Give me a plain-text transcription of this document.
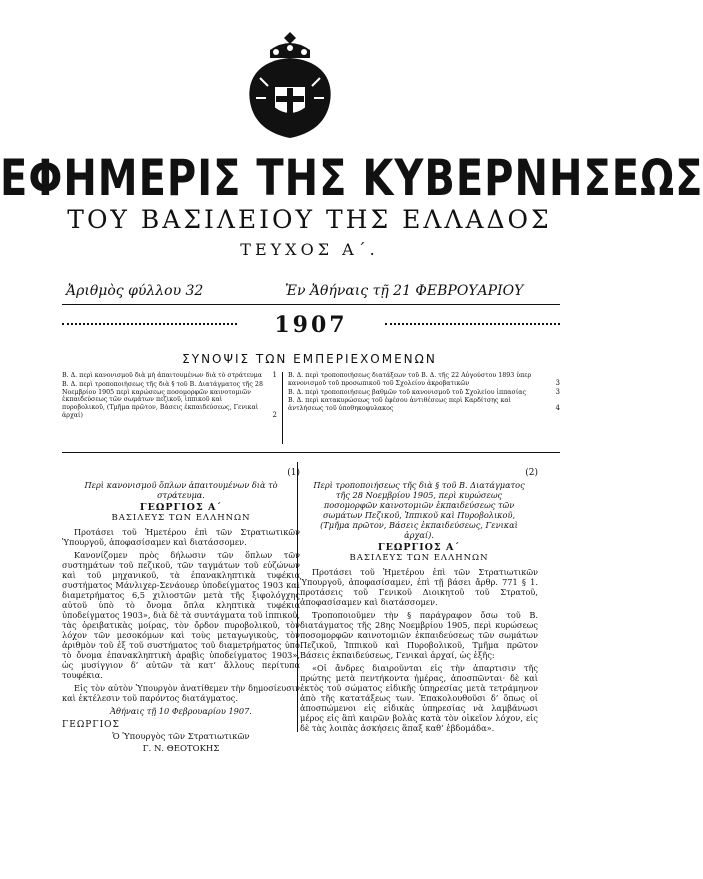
ΕΦΗΜΕΡΙΣ ΤΗΣ ΚΥΒΕΡΝΗΣΕΩΣ
ΤΟΥ ΒΑΣΙΛΕΙΟΥ ΤΗΣ ΕΛΛΑΔΟΣ
ΤΕΥΧΟΣ Α΄.
Ἀριθμὸς φύλλου 32	Ἐν Ἀθήναις τῇ 21 ΦΕΒΡΟΥΑΡΙΟΥ
1907
ΣΥΝΟΨΙΣ ΤΩΝ ΕΜΠΕΡΙΕΧΟΜΕΝΩΝ
Β. Δ. περὶ κανονισμοῦ διὰ μὴ ἀπαιτουμένων διὰ τὸ στράτευμα 1
Β. Δ. περὶ τροποποιήσεως τῆς διὰ § τοῦ Β. Διατάγματος τῆς 28 Νοεμβρίου 1905 περὶ καρώσεως ποσομορφῶν καινοτομιῶν ἐκπαιδεύσεως τῶν σωμάτων πεζικοῦ, ἱππικοῦ καὶ πυροβολικοῦ, (Τμῆμα πρῶτον, Βάσεις ἐκπαιδεύσεως, Γενικαὶ ἀρχαί)	2
Β. Δ. περὶ τροποποιήσεως διατάξεων τοῦ Β. Δ. τῆς 22 Αὐγούστου 1893 ὑπερ κανονισμοῦ τοῦ προσωπικοῦ τοῦ Σχολείου ἀκροβατικῶν	3
Β. Δ. περὶ τροποποιήσεως βαθμῶν τοῦ κανονισμοῦ τοῦ Σχολείου ἱππασίας	3
Β. Δ. περὶ κατακυρώσεως τοῦ ἐφέσου ἀντιθέσεως περὶ Καρδίτσης καὶ ἀντλήσεως τοῦ ὑποθηκοφυλακος	4
(1)
Περὶ κανονισμοῦ ὅπλων ἀπαιτουμένων διὰ τὸ στράτευμα.
ΓΕΩΡΓΙΟΣ Α΄
ΒΑΣΙΛΕΥΣ ΤΩΝ ΕΛΛΗΝΩΝ

Προτάσει τοῦ Ἡμετέρου ἐπὶ τῶν Στρατιωτικῶν Ὑπουργοῦ, ἀποφασίσαμεν καὶ διατάσσομεν.

Κανονίζομεν πρὸς δήλωσιν τῶν ὅπλων τῶν συστημάτων τοῦ πεζικοῦ, τῶν ταγμάτων τοῦ εὐζώνων καὶ τοῦ μηχανικοῦ, τὰ ἐπανακληπτικὰ τυφέκια συστήματος Μάνλιχερ-Σενάουερ ὑποδείγματος 1903 καὶ διαμετρήματος 6,5 χιλιοστῶν μετὰ τῆς ξιφολόγχης αὐτοῦ ὑπὸ τὸ ὄνομα ὅπλα κληπτικὰ τυφέκια ὑποδείγματος 1903», διὰ δὲ τὰ συντάγματα τοῦ ἱππικοῦ, τὰς ὀρειβατικὰς μοίρας, τὸν ὄρδον πυροβολικοῦ, τὸν λόχον τῶν μεσοκόμων καὶ τοὺς μεταγωγικοὺς, τὸν ἀριθμὸν τοῦ ἐξ τοῦ συστήματος τοῦ διαμετρήματος ὑπὸ τὸ ὄνομα ἐπανακληπτικὴ ἀραβὶς ὑποδείγματος 1903», ὡς μυσίγγιον δ’ αὐτῶν τὰ κατ’ ἄλλους περίτυπα τουφέκια.

Εἰς τὸν αὐτὸν Ὑπουργὸν ἀνατίθεμεν τὴν δημοσίευσιν καὶ ἐκτέλεσιν τοῦ παρόντος διατάγματος.

Ἀθήναις τῇ 10 Φεβρουαρίου 1907.
ΓΕΩΡΓΙΟΣ
Ὁ Ὑπουργὸς τῶν Στρατιωτικῶν
Γ. Ν. ΘΕΟΤΟΚΗΣ
(2)
Περὶ τροποποιήσεως τῆς διὰ § τοῦ Β. Διατάγματος τῆς 28 Νοεμβρίου 1905, περὶ κυρώσεως ποσομορφῶν καινοτομιῶν ἐκπαιδεύσεως τῶν σωμάτων Πεζικοῦ, Ἱππικοῦ καὶ Πυροβολικοῦ, (Τμῆμα πρῶτον, Βάσεις ἐκπαιδεύσεως, Γενικαὶ ἀρχαί).
ΓΕΩΡΓΙΟΣ Α΄
ΒΑΣΙΛΕΥΣ ΤΩΝ ΕΛΛΗΝΩΝ

Προτάσει τοῦ Ἡμετέρου ἐπὶ τῶν Στρατιωτικῶν Ὑπουργοῦ, ἀποφασίσαμεν, ἐπὶ τῇ βάσει ἄρθρ. 771 § 1. προτάσεις τοῦ Γενικοῦ Διοικητοῦ τοῦ Στρατοῦ, ἀποφασίσαμεν καὶ διατάσσομεν.

Τροποποιοῦμεν τὴν § παράγραφον ὅσω τοῦ Β. διατάγματος τῆς 28ης Νοεμβρίου 1905, περὶ κυρώσεως ποσομορφῶν καινοτομιῶν ἐκπαιδεύσεως τῶν σωμάτων Πεζικοῦ, Ἱππικοῦ καὶ Πυροβολικοῦ, Τμῆμα πρῶτον Βάσεις ἐκπαιδεύσεως, Γενικαὶ ἀρχαί, ὡς ἑξῆς:

«Οἱ ἄνδρες διαιροῦνται εἰς τὴν ἀπαρτισιν τῆς πρώτης μετὰ πεντήκοντα ἡμέρας, ἀποσπῶνται· δὲ καὶ ἐκτὸς τοῦ σώματος εἰδικῆς ὑπηρεσίας μετὰ τετράμηνον ἀπὸ τῆς κατατάξεως των. Ἐπακολουθοῦσι δ’ ὅπως οἱ ἀποσπώμενοι εἰς εἰδικὰς ὑπηρεσίας νὰ λαμβάνωσι μέρος εἰς ἃπὶ καιρῶν βολὰς κατὰ τὸν οἰκεῖον λόχον, εἰς δὲ τὰς λοιπὰς ἀσκήσεις ἅπαξ καθ’ ἑβδομάδα».
